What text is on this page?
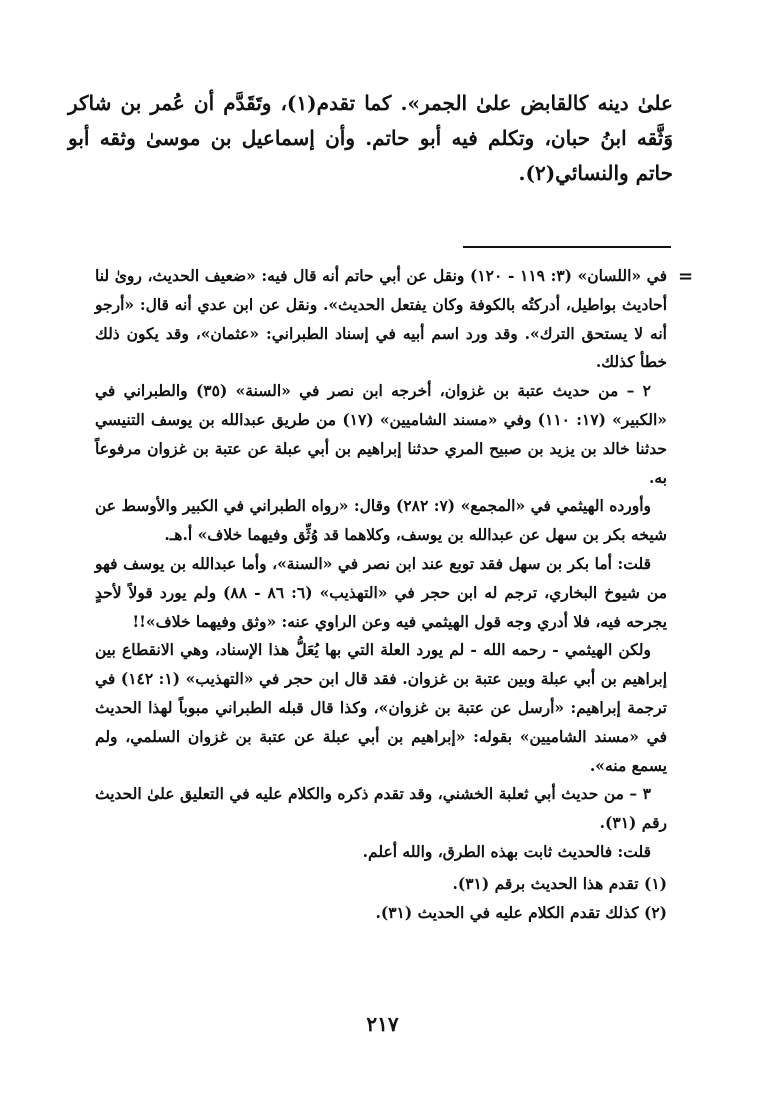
علىٰ دينه كالقابض علىٰ الجمر». كما تقدم(١)، وتَقَدَّم أن عُمر بن شاكر وَثَّقه ابنُ حبان، وتكلم فيه أبو حاتم. وأن إسماعيل بن موسىٰ وثقه أبو حاتم والنسائي(٢).

=

في «اللسان» (٣: ١١٩ - ١٢٠) ونقل عن أبي حاتم أنه قال فيه: «ضعيف الحديث، روىٰ لنا أحاديث بواطيل، أدركتُه بالكوفة وكان يفتعل الحديث». ونقل عن ابن عدي أنه قال: «أرجو أنه لا يستحق الترك». وقد ورد اسم أبيه في إسناد الطبراني: «عثمان»، وقد يكون ذلك خطأ كذلك.

٢ – من حديث عتبة بن غزوان، أخرجه ابن نصر في «السنة» (٣٥) والطبراني في «الكبير» (١٧: ١١٠) وفي «مسند الشاميين» (١٧) من طريق عبدالله بن يوسف التنيسي حدثنا خالد بن يزيد بن صبيح المري حدثنا إبراهيم بن أبي عبلة عن عتبة بن غزوان مرفوعاً به.

وأورده الهيثمي في «المجمع» (٧: ٢٨٢) وقال: «رواه الطبراني في الكبير والأوسط عن شيخه بكر بن سهل عن عبدالله بن يوسف، وكلاهما قد وُثِّق وفيهما خلاف» أ.هـ.

قلت: أما بكر بن سهل فقد توبع عند ابن نصر في «السنة»، وأما عبدالله بن يوسف فهو من شيوخ البخاري، ترجم له ابن حجر في «التهذيب» (٦: ٨٦ - ٨٨) ولم يورد قولاً لأحدٍ يجرحه فيه، فلا أدري وجه قول الهيثمي فيه وعن الراوي عنه: «وثق وفيهما خلاف»!!

ولكن الهيثمي - رحمه الله - لم يورد العلة التي بها يُعَلُّ هذا الإسناد، وهي الانقطاع بين إبراهيم بن أبي عبلة وبين عتبة بن غزوان. فقد قال ابن حجر في «التهذيب» (١: ١٤٢) في ترجمة إبراهيم: «أرسل عن عتبة بن غزوان»، وكذا قال قبله الطبراني مبوباً لهذا الحديث في «مسند الشاميين» بقوله: «إبراهيم بن أبي عبلة عن عتبة بن غزوان السلمي، ولم يسمع منه».

٣ – من حديث أبي ثعلبة الخشني، وقد تقدم ذكره والكلام عليه في التعليق علىٰ الحديث رقم (٣١).

قلت: فالحديث ثابت بهذه الطرق، والله أعلم.

(١) تقدم هذا الحديث برقم (٣١).

(٢) كذلك تقدم الكلام عليه في الحديث (٣١).

٢١٧
